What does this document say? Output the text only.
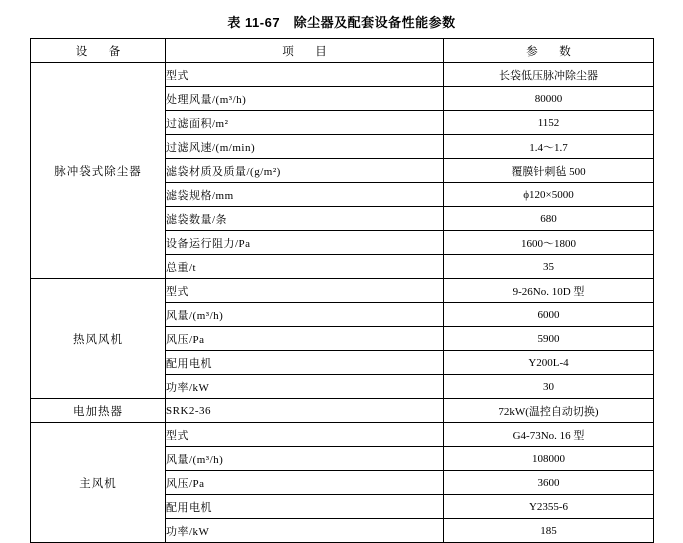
表 11-67　除尘器及配套设备性能参数
设　备	项　目	参　数
脉冲袋式除尘器	型式	长袋低压脉冲除尘器
	处理风量/(m³/h)	80000
	过滤面积/m²	1152
	过滤风速/(m/min)	1.4～1.7
	滤袋材质及质量/(g/m²)	覆膜针刺毡 500
	滤袋规格/mm	ϕ120×5000
	滤袋数量/条	680
	设备运行阻力/Pa	1600～1800
	总重/t	35
热风风机	型式	9-26No. 10D 型
	风量/(m³/h)	6000
	风压/Pa	5900
	配用电机	Y200L-4
	功率/kW	30
电加热器	SRK2-36	72kW(温控自动切换)
主风机	型式	G4-73No. 16 型
	风量/(m³/h)	108000
	风压/Pa	3600
	配用电机	Y2355-6
	功率/kW	185
